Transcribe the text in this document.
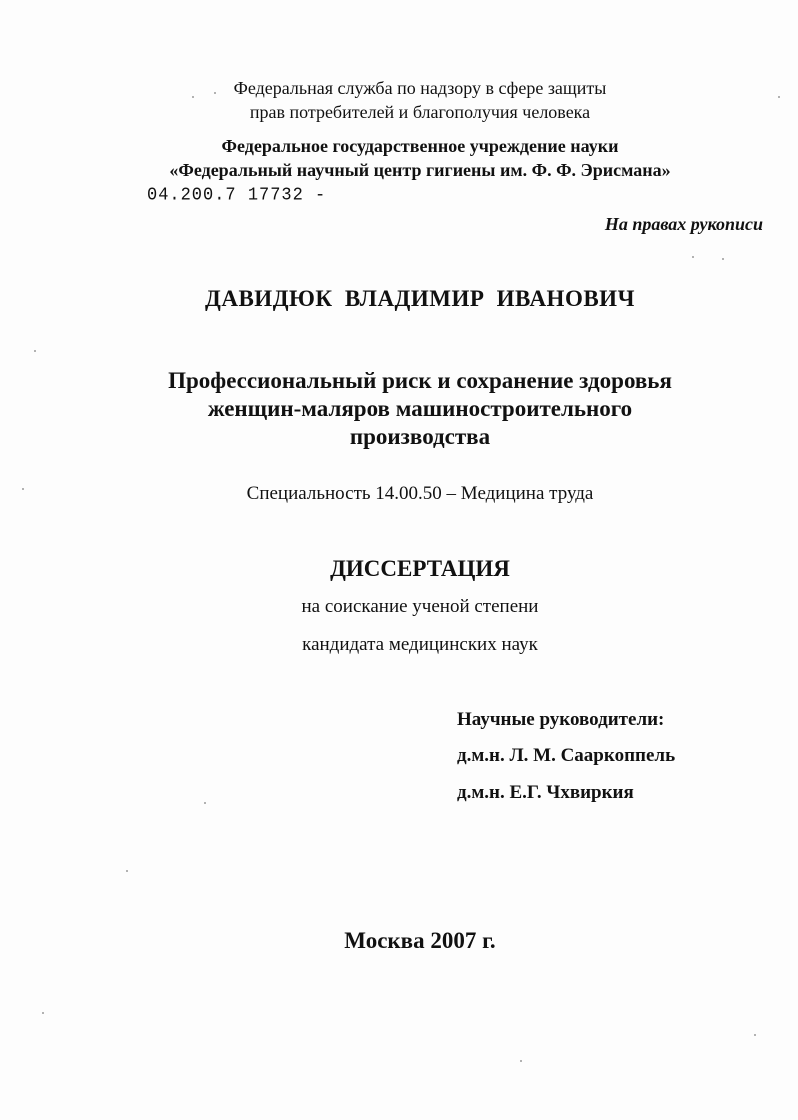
Федеральная служба по надзору в сфере защиты
прав потребителей и благополучия человека
Федеральное государственное учреждение науки
«Федеральный научный центр гигиены им. Ф. Ф. Эрисмана»
04.200.7 17732 -
На правах рукописи
ДАВИДЮК ВЛАДИМИР ИВАНОВИЧ
Профессиональный риск и сохранение здоровья
женщин-маляров машиностроительного
производства
Специальность 14.00.50 – Медицина труда
ДИССЕРТАЦИЯ
на соискание ученой степени
кандидата медицинских наук
Научные руководители:
д.м.н. Л. М. Сааркоппель
д.м.н. Е.Г. Чхвиркия
Москва 2007 г.
